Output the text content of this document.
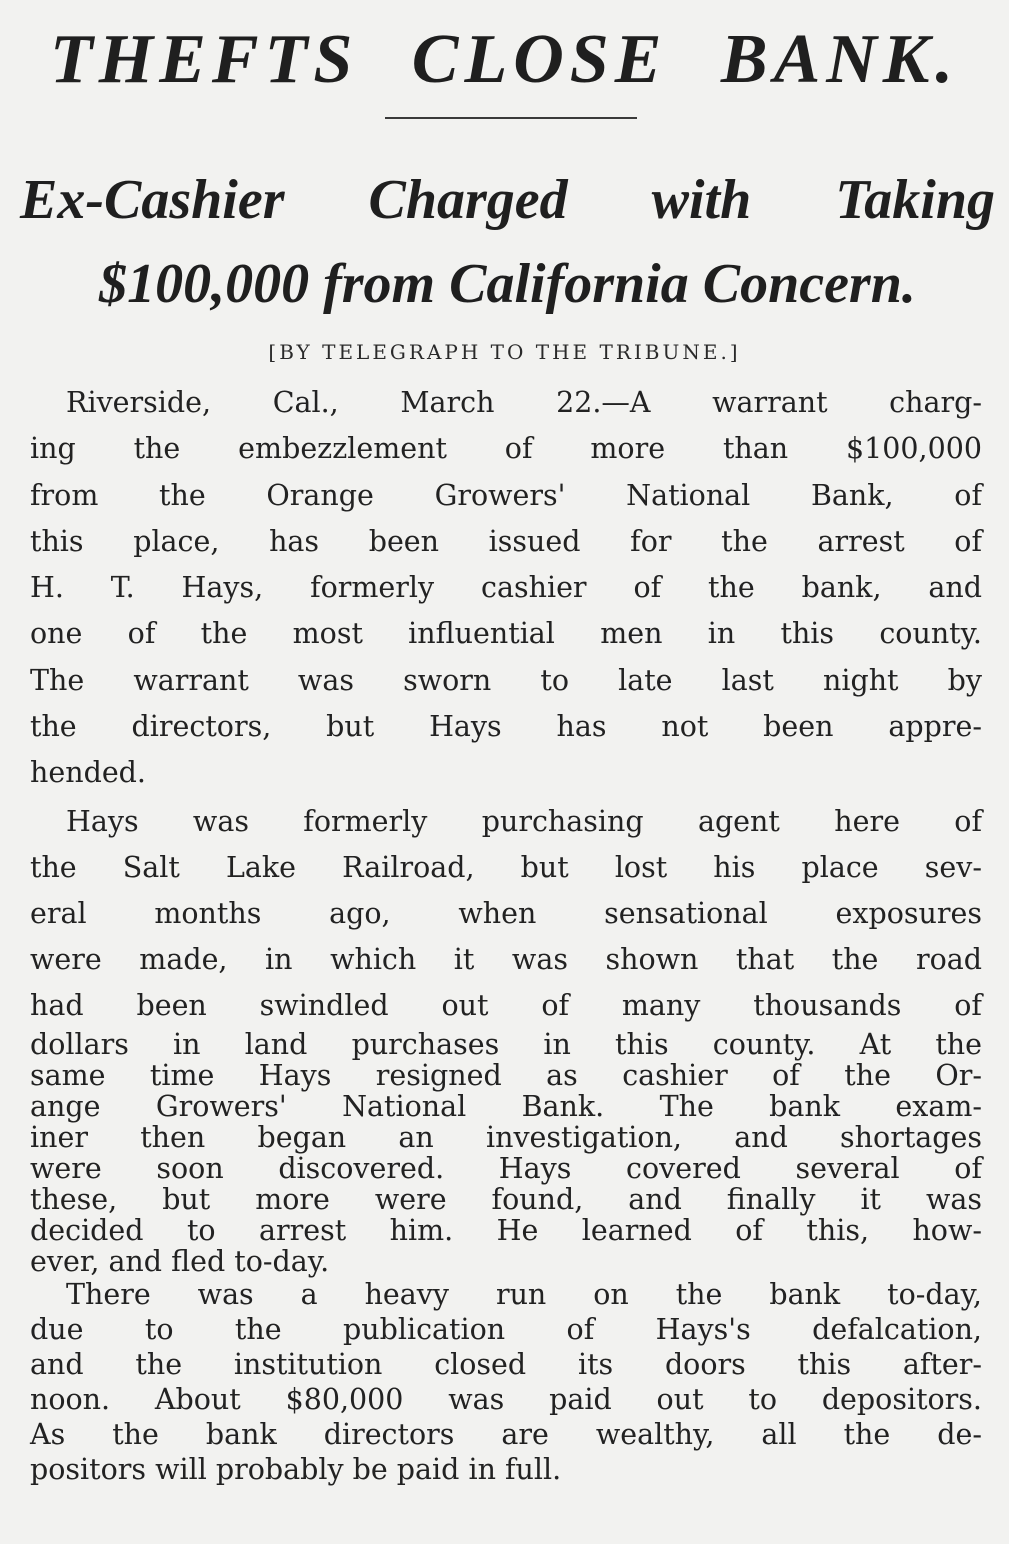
THEFTS CLOSE BANK.
Ex-Cashier Charged with Taking
$100,000 from California Concern.
[BY TELEGRAPH TO THE TRIBUNE.]

Riverside, Cal., March 22.—A warrant charg-
ing the embezzlement of more than $100,000
from the Orange Growers' National Bank, of
this place, has been issued for the arrest of
H. T. Hays, formerly cashier of the bank, and
one of the most influential men in this county.
The warrant was sworn to late last night by
the directors, but Hays has not been appre-
hended.

Hays was formerly purchasing agent here of
the Salt Lake Railroad, but lost his place sev-
eral months ago, when sensational exposures
were made, in which it was shown that the road
had been swindled out of many thousands of
dollars in land purchases in this county. At the
same time Hays resigned as cashier of the Or-
ange Growers' National Bank. The bank exam-
iner then began an investigation, and shortages
were soon discovered. Hays covered several of
these, but more were found, and finally it was
decided to arrest him. He learned of this, how-
ever, and fled to-day.

There was a heavy run on the bank to-day,
due to the publication of Hays's defalcation,
and the institution closed its doors this after-
noon. About $80,000 was paid out to depositors.
As the bank directors are wealthy, all the de-
positors will probably be paid in full.
